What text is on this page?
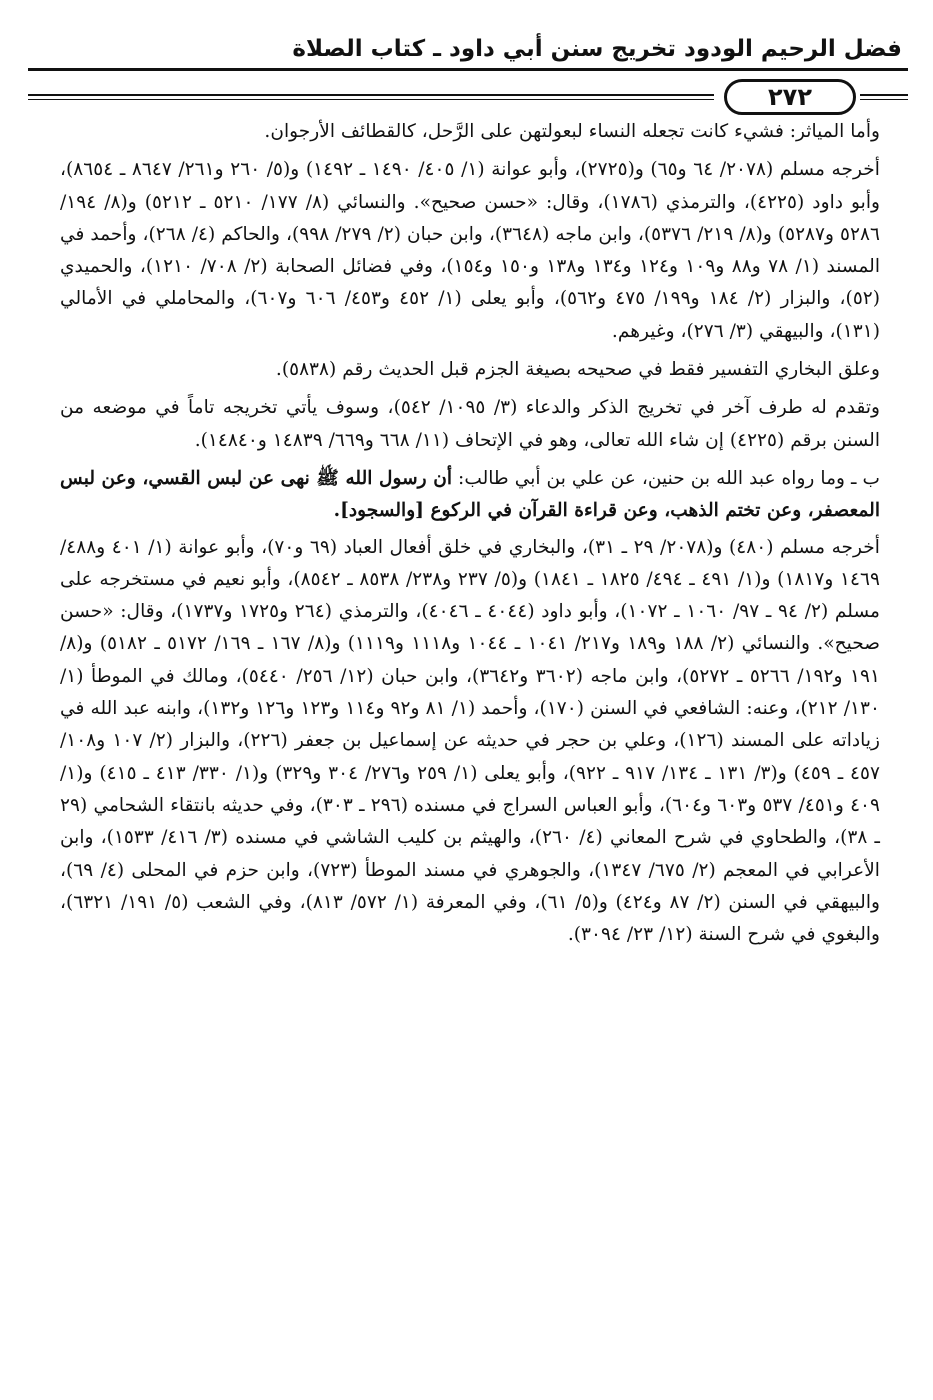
فضل الرحيم الودود تخريج سنن أبي داود ـ كتاب الصلاة
٢٧٢

وأما المياثر: فشيء كانت تجعله النساء لبعولتهن على الرَّحل، كالقطائف الأرجوان.

أخرجه مسلم (٢٠٧٨/ ٦٤ و٦٥) و(٢٧٢٥)، وأبو عوانة (١/ ٤٠٥/ ١٤٩٠ ـ ١٤٩٢) و(٥/ ٢٦٠ و٢٦١/ ٨٦٤٧ ـ ٨٦٥٤)، وأبو داود (٤٢٢٥)، والترمذي (١٧٨٦)، وقال: «حسن صحيح». والنسائي (٨/ ١٧٧/ ٥٢١٠ ـ ٥٢١٢) و(٨/ ١٩٤/ ٥٢٨٦ و٥٢٨٧) و(٨/ ٢١٩/ ٥٣٧٦)، وابن ماجه (٣٦٤٨)، وابن حبان (٢/ ٢٧٩/ ٩٩٨)، والحاكم (٤/ ٢٦٨)، وأحمد في المسند (١/ ٧٨ و٨٨ و١٠٩ و١٢٤ و١٣٤ و١٣٨ و١٥٠ و١٥٤)، وفي فضائل الصحابة (٢/ ٧٠٨/ ١٢١٠)، والحميدي (٥٢)، والبزار (٢/ ١٨٤ و١٩٩/ ٤٧٥ و٥٦٢)، وأبو يعلى (١/ ٤٥٢ و٤٥٣/ ٦٠٦ و٦٠٧)، والمحاملي في الأمالي (١٣١)، والبيهقي (٣/ ٢٧٦)، وغيرهم.

وعلق البخاري التفسير فقط في صحيحه بصيغة الجزم قبل الحديث رقم (٥٨٣٨).

وتقدم له طرف آخر في تخريج الذكر والدعاء (٣/ ١٠٩٥/ ٥٤٢)، وسوف يأتي تخريجه تاماً في موضعه من السنن برقم (٤٢٢٥) إن شاء الله تعالى، وهو في الإتحاف (١١/ ٦٦٨ و٦٦٩/ ١٤٨٣٩ و١٤٨٤٠).

ب ـ وما رواه عبد الله بن حنين، عن علي بن أبي طالب: أن رسول الله ﷺ نهى عن لبس القسي، وعن لبس المعصفر، وعن تختم الذهب، وعن قراءة القرآن في الركوع [والسجود].

أخرجه مسلم (٤٨٠) و(٢٠٧٨/ ٢٩ ـ ٣١)، والبخاري في خلق أفعال العباد (٦٩ و٧٠)، وأبو عوانة (١/ ٤٠١ و٤٨٨/ ١٤٦٩ و١٨١٧) و(١/ ٤٩١ ـ ٤٩٤/ ١٨٢٥ ـ ١٨٤١) و(٥/ ٢٣٧ و٢٣٨/ ٨٥٣٨ ـ ٨٥٤٢)، وأبو نعيم في مستخرجه على مسلم (٢/ ٩٤ ـ ٩٧/ ١٠٦٠ ـ ١٠٧٢)، وأبو داود (٤٠٤٤ ـ ٤٠٤٦)، والترمذي (٢٦٤ و١٧٢٥ و١٧٣٧)، وقال: «حسن صحيح». والنسائي (٢/ ١٨٨ و١٨٩ و٢١٧/ ١٠٤١ ـ ١٠٤٤ و١١١٨ و١١١٩) و(٨/ ١٦٧ ـ ١٦٩/ ٥١٧٢ ـ ٥١٨٢) و(٨/ ١٩١ و١٩٢/ ٥٢٦٦ ـ ٥٢٧٢)، وابن ماجه (٣٦٠٢ و٣٦٤٢)، وابن حبان (١٢/ ٢٥٦/ ٥٤٤٠)، ومالك في الموطأ (١/ ١٣٠/ ٢١٢)، وعنه: الشافعي في السنن (١٧٠)، وأحمد (١/ ٨١ و٩٢ و١١٤ و١٢٣ و١٢٦ و١٣٢)، وابنه عبد الله في زياداته على المسند (١٢٦)، وعلي بن حجر في حديثه عن إسماعيل بن جعفر (٢٢٦)، والبزار (٢/ ١٠٧ و١٠٨/ ٤٥٧ ـ ٤٥٩) و(٣/ ١٣١ ـ ١٣٤/ ٩١٧ ـ ٩٢٢)، وأبو يعلى (١/ ٢٥٩ و٢٧٦/ ٣٠٤ و٣٢٩) و(١/ ٣٣٠/ ٤١٣ ـ ٤١٥) و(١/ ٤٠٩ و٤٥١/ ٥٣٧ و٦٠٣ و٦٠٤)، وأبو العباس السراج في مسنده (٢٩٦ ـ ٣٠٣)، وفي حديثه بانتقاء الشحامي (٢٩ ـ ٣٨)، والطحاوي في شرح المعاني (٤/ ٢٦٠)، والهيثم بن كليب الشاشي في مسنده (٣/ ٤١٦/ ١٥٣٣)، وابن الأعرابي في المعجم (٢/ ٦٧٥/ ١٣٤٧)، والجوهري في مسند الموطأ (٧٢٣)، وابن حزم في المحلى (٤/ ٦٩)، والبيهقي في السنن (٢/ ٨٧ و٤٢٤) و(٥/ ٦١)، وفي المعرفة (١/ ٥٧٢/ ٨١٣)، وفي الشعب (٥/ ١٩١/ ٦٣٢١)، والبغوي في شرح السنة (١٢/ ٢٣/ ٣٠٩٤).
